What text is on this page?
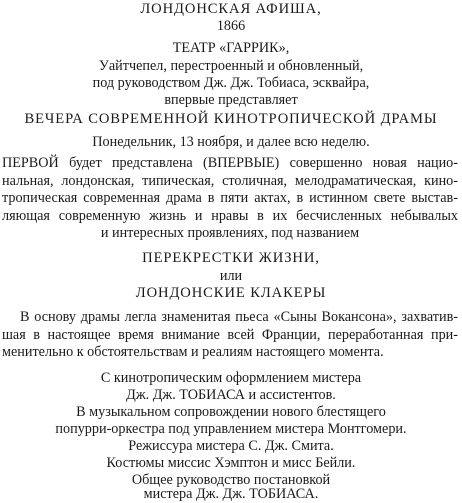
ЛОНДОНСКАЯ АФИША,
1866
ТЕАТР «ГАРРИК»,
Уайтчепел, перестроенный и обновленный,
под руководством Дж. Дж. Тобиаса, эсквайра,
впервые представляет
ВЕЧЕРА СОВРЕМЕННОЙ КИНОТРОПИЧЕСКОЙ ДРАМЫ
Понедельник, 13 ноября, и далее всю неделю.
ПЕРВОЙ будет представлена (ВПЕРВЫЕ) совершенно новая нацио-
нальная, лондонская, типическая, столичная, мелодраматическая, кино-
тропическая современная драма в пяти актах, в истинном свете выстав-
ляющая современную жизнь и нравы в их бесчисленных небывалых
и интересных проявлениях, под названием
ПЕРЕКРЕСТКИ ЖИЗНИ,
или
ЛОНДОНСКИЕ КЛАКЕРЫ
В основу драмы легла знаменитая пьеса «Сыны Вокансона», захватив-
шая в настоящее время внимание всей Франции, переработанная при-
менительно к обстоятельствам и реалиям настоящего момента.
С кинотропическим оформлением мистера
Дж. Дж. ТОБИАСА и ассистентов.
В музыкальном сопровождении нового блестящего
попурри-оркестра под управлением мистера Монтгомери.
Режиссура мистера С. Дж. Смита.
Костюмы миссис Хэмптон и мисс Бейли.
Общее руководство постановкой
мистера Дж. Дж. ТОБИАСА.
